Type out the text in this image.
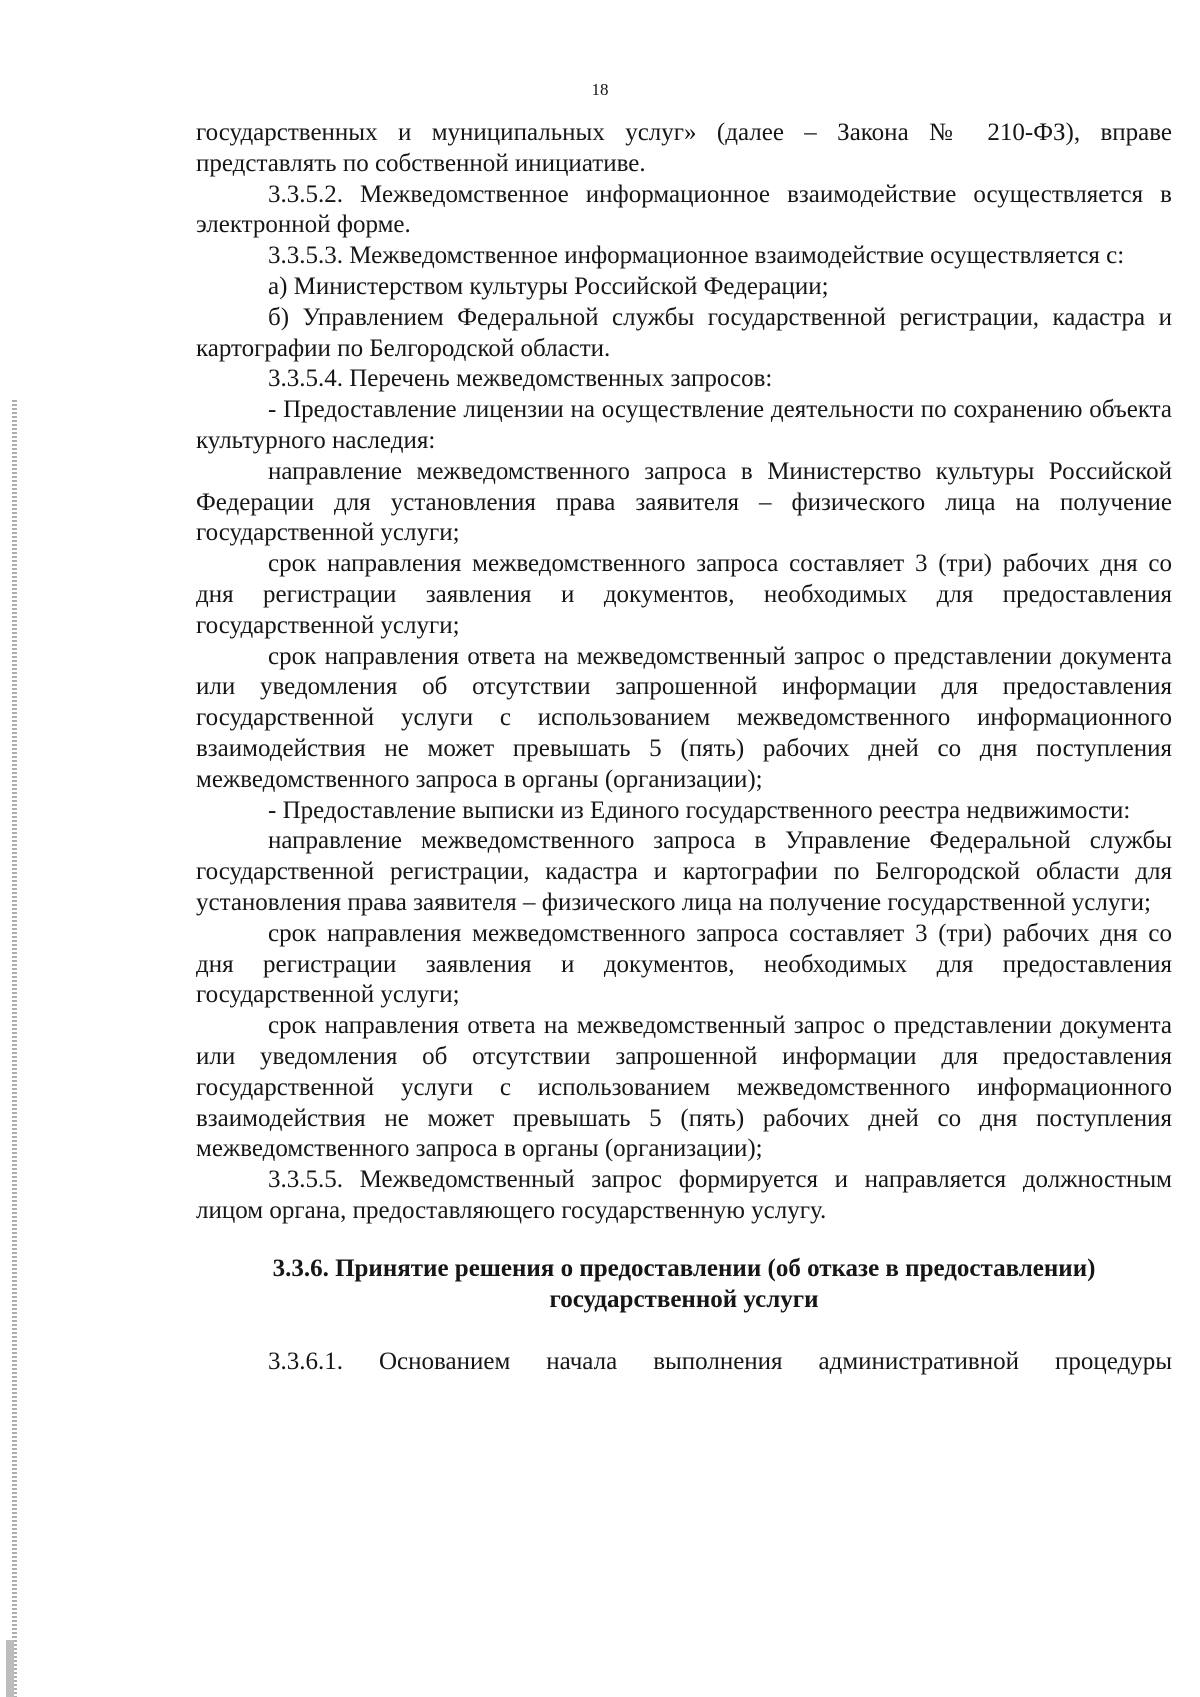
18

государственных и муниципальных услуг» (далее – Закона № 210-ФЗ), вправе представлять по собственной инициативе.

3.3.5.2. Межведомственное информационное взаимодействие осуществляется в электронной форме.

3.3.5.3. Межведомственное информационное взаимодействие осуществляется с:

а) Министерством культуры Российской Федерации;

б) Управлением Федеральной службы государственной регистрации, кадастра и картографии по Белгородской области.

3.3.5.4. Перечень межведомственных запросов:

- Предоставление лицензии на осуществление деятельности по сохранению объекта культурного наследия:

направление межведомственного запроса в Министерство культуры Российской Федерации для установления права заявителя – физического лица на получение государственной услуги;

срок направления межведомственного запроса составляет 3 (три) рабочих дня со дня регистрации заявления и документов, необходимых для предоставления государственной услуги;

срок направления ответа на межведомственный запрос о представлении документа или уведомления об отсутствии запрошенной информации для предоставления государственной услуги с использованием межведомственного информационного взаимодействия не может превышать 5 (пять) рабочих дней со дня поступления межведомственного запроса в органы (организации);

- Предоставление выписки из Единого государственного реестра недвижимости:

направление межведомственного запроса в Управление Федеральной службы государственной регистрации, кадастра и картографии по Белгородской области для установления права заявителя – физического лица на получение государственной услуги;

срок направления межведомственного запроса составляет 3 (три) рабочих дня со дня регистрации заявления и документов, необходимых для предоставления государственной услуги;

срок направления ответа на межведомственный запрос о представлении документа или уведомления об отсутствии запрошенной информации для предоставления государственной услуги с использованием межведомственного информационного взаимодействия не может превышать 5 (пять) рабочих дней со дня поступления межведомственного запроса в органы (организации);

3.3.5.5. Межведомственный запрос формируется и направляется должностным лицом органа, предоставляющего государственную услугу.

3.3.6. Принятие решения о предоставлении (об отказе в предоставлении) государственной услуги

3.3.6.1. Основанием начала выполнения административной процедуры
